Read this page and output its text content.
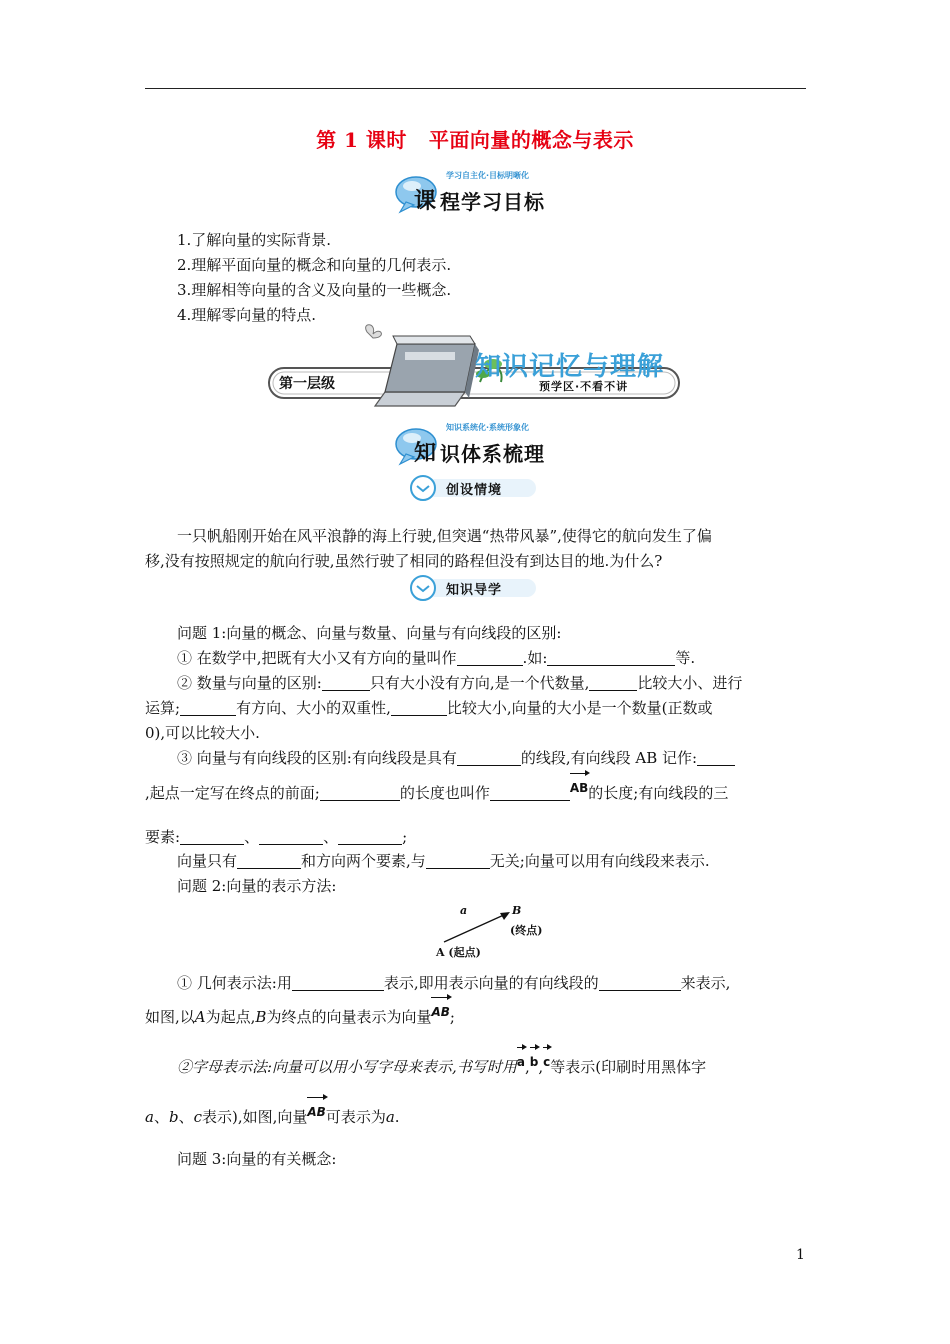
第 1 课时 平面向量的概念与表示
学习自主化·目标明晰化
课 程学习目标
1.了解向量的实际背景.
2.理解平面向量的概念和向量的几何表示.
3.理解相等向量的含义及向量的一些概念.
4.理解零向量的特点.
第一层级
知识记忆与理解
预学区·不看不讲
知识系统化·系统形象化
知 识体系梳理
创设情境
一只帆船刚开始在风平浪静的海上行驶,但突遇“热带风暴”,使得它的航向发生了偏
移,没有按照规定的航向行驶,虽然行驶了相同的路程但没有到达目的地.为什么?
知识导学
问题 1:向量的概念、向量与数量、向量与有向线段的区别:
① 在数学中,把既有大小又有方向的量叫作	.如:	等.
② 数量与向量的区别:	只有大小没有方向,是一个代数量,	比较大小、进行
运算;	有方向、大小的双重性,	比较大小,向量的大小是一个数量(正数或
0),可以比较大小.
③ 向量与有向线段的区别:有向线段是具有	的线段,有向线段 AB 记作:
,起点一定写在终点的前面;	的长度也叫作	AB的长度;有向线段的三
要素:	、	、	;
向量只有	和方向两个要素,与	无关;向量可以用有向线段来表示.
问题 2:向量的表示方法:
a	B
(终点)
A (起点)
① 几何表示法:用	表示,即用表示向量的有向线段的	来表示,
如图,以A为起点,B为终点的向量表示为向量AB;
②字母表示法:向量可以用小写字母来表示,书写时用a,b,c等表示(印刷时用黑体字
a、b、c表示),如图,向量AB可表示为a.
问题 3:向量的有关概念:
1
